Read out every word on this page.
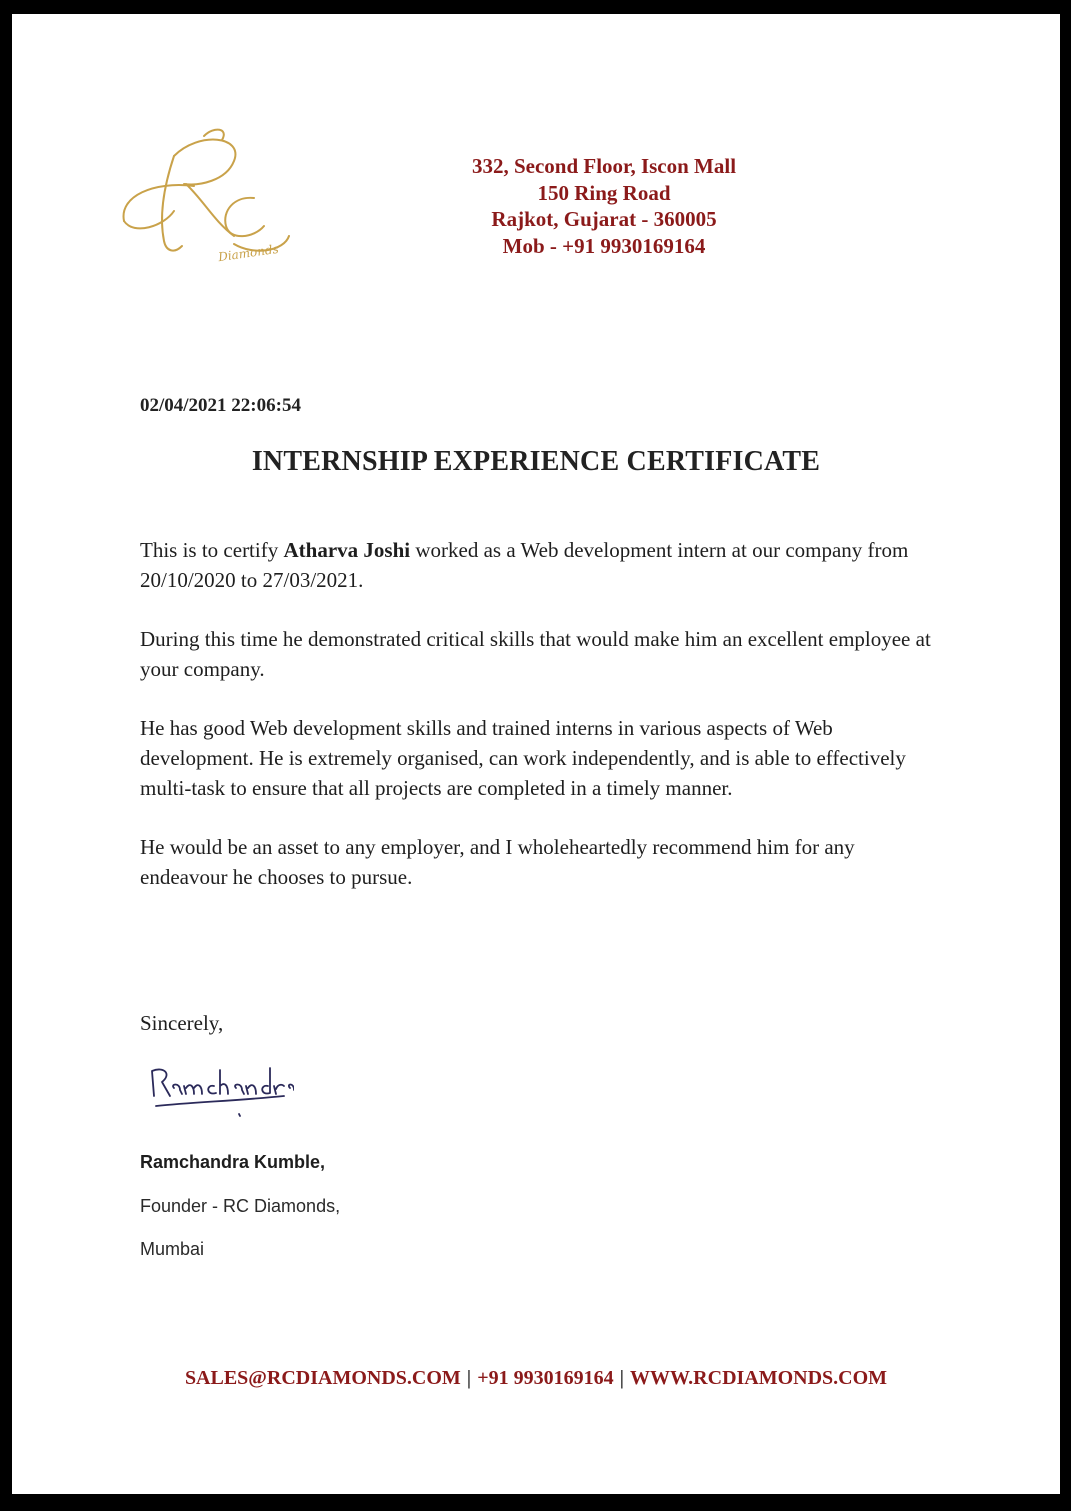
Diamonds
332, Second Floor, Iscon Mall
150 Ring Road
Rajkot, Gujarat - 360005
Mob - +91 9930169164
02/04/2021 22:06:54
INTERNSHIP EXPERIENCE CERTIFICATE

This is to certify Atharva Joshi worked as a Web development intern at our company from 20/10/2020 to 27/03/2021.

During this time he demonstrated critical skills that would make him an excellent employee at your company.

He has good Web development skills and trained interns in various aspects of Web development. He is extremely organised, can work independently, and is able to effectively multi-task to ensure that all projects are completed in a timely manner.

He would be an asset to any employer, and I wholeheartedly recommend him for any endeavour he chooses to pursue.

Sincerely,
Ramchandra Kumble,
Founder - RC Diamonds,
Mumbai
SALES@RCDIAMONDS.COM | +91 9930169164 | WWW.RCDIAMONDS.COM
